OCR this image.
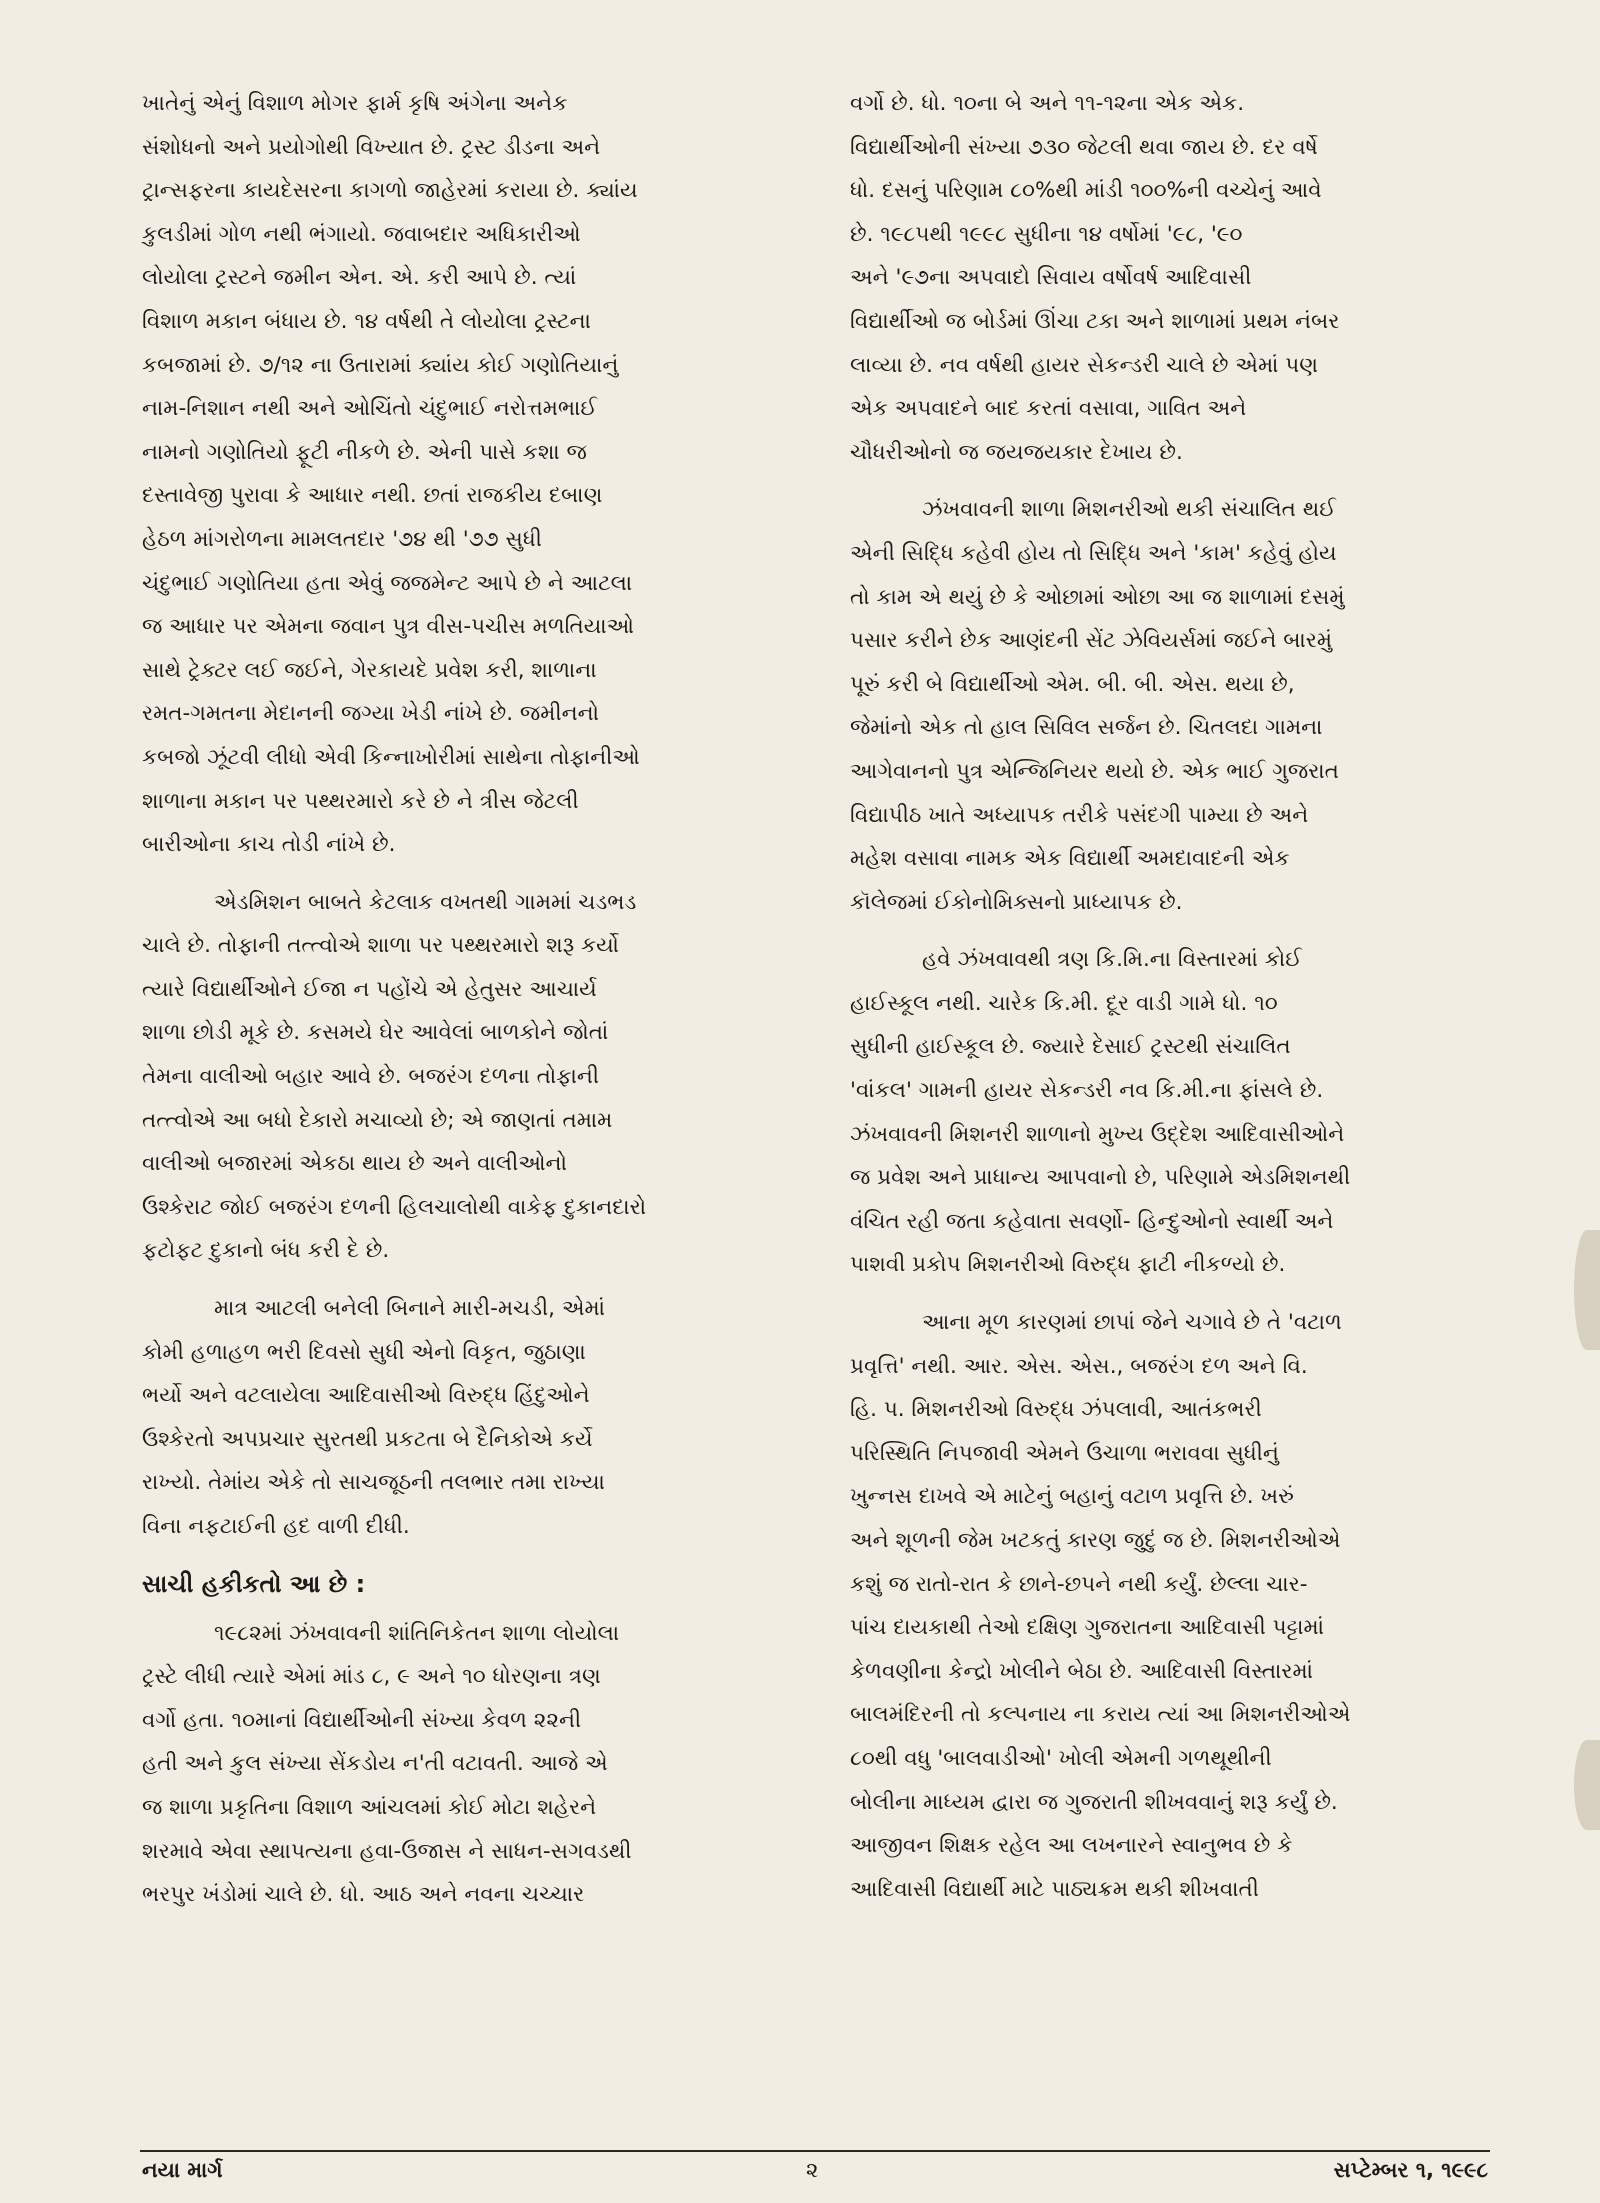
ખાતેનું એનું વિશાળ મોગર ફાર્મ કૃષિ અંગેના અનેક
સંશોધનો અને પ્રયોગોથી વિખ્યાત છે. ટ્રસ્ટ ડીડના અને
ટ્રાન્સફરના કાયદેસરના કાગળો જાહેરમાં કરાયા છે. ક્યાંય
કુલડીમાં ગોળ નથી ભંગાયો. જવાબદાર અધિકારીઓ
લોયોલા ટ્રસ્ટને જમીન એન. એ. કરી આપે છે. ત્યાં
વિશાળ મકાન બંધાય છે. ૧૪ વર્ષથી તે લોયોલા ટ્રસ્ટના
કબજામાં છે. ૭/૧૨ ના ઉતારામાં ક્યાંય કોઈ ગણોતિયાનું
નામ-નિશાન નથી અને ઓચિંતો ચંદુભાઈ નરોત્તમભાઈ
નામનો ગણોતિયો ફૂટી નીકળે છે. એની પાસે કશા જ
દસ્તાવેજી પુરાવા કે આધાર નથી. છતાં રાજકીય દબાણ
હેઠળ માંગરોળના મામલતદાર '૭૪ થી '૭૭ સુધી
ચંદુભાઈ ગણોતિયા હતા એવું જજમેન્ટ આપે છે ને આટલા
જ આધાર પર એમના જવાન પુત્ર વીસ-પચીસ મળતિયાઓ
સાથે ટ્રેક્ટર લઈ જઈને, ગેરકાયદે પ્રવેશ કરી, શાળાના
રમત-ગમતના મેદાનની જગ્યા ખેડી નાંખે છે. જમીનનો
કબજો ઝૂંટવી લીધો એવી કિન્નાખોરીમાં સાથેના તોફાનીઓ
શાળાના મકાન પર પથ્થરમારો કરે છે ને ત્રીસ જેટલી
બારીઓના કાચ તોડી નાંખે છે.

એડમિશન બાબતે કેટલાક વખતથી ગામમાં ચડભડ
ચાલે છે. તોફાની તત્ત્વોએ શાળા પર પથ્થરમારો શરૂ કર્યો
ત્યારે વિદ્યાર્થીઓને ઈજા ન પહોંચે એ હેતુસર આચાર્ય
શાળા છોડી મૂકે છે. કસમયે ઘેર આવેલાં બાળકોને જોતાં
તેમના વાલીઓ બહાર આવે છે. બજરંગ દળના તોફાની
તત્ત્વોએ આ બધો દેકારો મચાવ્યો છે; એ જાણતાં તમામ
વાલીઓ બજારમાં એકઠા થાય છે અને વાલીઓનો
ઉશ્કેરાટ જોઈ બજરંગ દળની હિલચાલોથી વાકેફ દુકાનદારો
ફટોફટ દુકાનો બંધ કરી દે છે.

માત્ર આટલી બનેલી બિનાને મારી-મચડી, એમાં
કોમી હળાહળ ભરી દિવસો સુધી એનો વિકૃત, જુઠાણા
ભર્યો અને વટલાયેલા આદિવાસીઓ વિરુદ્ધ હિંદુઓને
ઉશ્કેરતો અપપ્રચાર સુરતથી પ્રકટતા બે દૈનિકોએ કર્યે
રાખ્યો. તેમાંય એકે તો સાચજૂઠની તલભાર તમા રાખ્યા
વિના નફટાઈની હદ વાળી દીધી.

સાચી હકીકતો આ છે :

૧૯૮૨માં ઝંખવાવની શાંતિનિકેતન શાળા લોયોલા
ટ્રસ્ટે લીધી ત્યારે એમાં માંડ ૮, ૯ અને ૧૦ ધોરણના ત્રણ
વર્ગો હતા. ૧૦માનાં વિદ્યાર્થીઓની સંખ્યા કેવળ ૨૨ની
હતી અને કુલ સંખ્યા સેંકડોય ન'તી વટાવતી. આજે એ
જ શાળા પ્રકૃતિના વિશાળ આંચલમાં કોઈ મોટા શહેરને
શરમાવે એવા સ્થાપત્યના હવા-ઉજાસ ને સાધન-સગવડથી
ભરપુર ખંડોમાં ચાલે છે. ધો. આઠ અને નવના ચચ્ચાર

વર્ગો છે. ધો. ૧૦ના બે અને ૧૧-૧૨ના એક એક.
વિદ્યાર્થીઓની સંખ્યા ૭૩૦ જેટલી થવા જાય છે. દર વર્ષે
ધો. દસનું પરિણામ ૮૦%થી માંડી ૧૦૦%ની વચ્ચેનું આવે
છે. ૧૯૮૫થી ૧૯૯૮ સુધીના ૧૪ વર્ષોમાં '૯૮, '૯૦
અને '૯૭ના અપવાદો સિવાય વર્ષોવર્ષ આદિવાસી
વિદ્યાર્થીઓ જ બોર્ડમાં ઊંચા ટકા અને શાળામાં પ્રથમ નંબર
લાવ્યા છે. નવ વર્ષથી હાયર સેકન્ડરી ચાલે છે એમાં પણ
એક અપવાદને બાદ કરતાં વસાવા, ગાવિત અને
ચૌધરીઓનો જ જયજયકાર દેખાય છે.

ઝંખવાવની શાળા મિશનરીઓ થકી સંચાલિત થઈ
એની સિદ્ધિ કહેવી હોય તો સિદ્ધિ અને 'કામ' કહેવું હોય
તો કામ એ થયું છે કે ઓછામાં ઓછા આ જ શાળામાં દસમું
પસાર કરીને છેક આણંદની સેંટ ઝેવિયર્સમાં જઈને બારમું
પૂરું કરી બે વિદ્યાર્થીઓ એમ. બી. બી. એસ. થયા છે,
જેમાંનો એક તો હાલ સિવિલ સર્જન છે. ચિતલદા ગામના
આગેવાનનો પુત્ર એન્જિનિયર થયો છે. એક ભાઈ ગુજરાત
વિદ્યાપીઠ ખાતે અધ્યાપક તરીકે પસંદગી પામ્યા છે અને
મહેશ વસાવા નામક એક વિદ્યાર્થી અમદાવાદની એક
કૉલેજમાં ઈકોનોમિક્સનો પ્રાધ્યાપક છે.

હવે ઝંખવાવથી ત્રણ કિ.મિ.ના વિસ્તારમાં કોઈ
હાઈસ્કૂલ નથી. ચારેક કિ.મી. દૂર વાડી ગામે ધો. ૧૦
સુધીની હાઈસ્કૂલ છે. જ્યારે દેસાઈ ટ્રસ્ટથી સંચાલિત
'વાંકલ' ગામની હાયર સેકન્ડરી નવ કિ.મી.ના ફાંસલે છે.
ઝંખવાવની મિશનરી શાળાનો મુખ્ય ઉદ્દેશ આદિવાસીઓને
જ પ્રવેશ અને પ્રાધાન્ય આપવાનો છે, પરિણામે એડમિશનથી
વંચિત રહી જતા કહેવાતા સવર્ણો- હિન્દુઓનો સ્વાર્થી અને
પાશવી પ્રકોપ મિશનરીઓ વિરુદ્ધ ફાટી નીકળ્યો છે.

આના મૂળ કારણમાં છાપાં જેને ચગાવે છે તે 'વટાળ
પ્રવૃત્તિ' નથી. આર. એસ. એસ., બજરંગ દળ અને વિ.
હિ. પ. મિશનરીઓ વિરુદ્ધ ઝંપલાવી, આતંકભરી
પરિસ્થિતિ નિપજાવી એમને ઉચાળા ભરાવવા સુધીનું
ખુન્નસ દાખવે એ માટેનું બહાનું વટાળ પ્રવૃત્તિ છે. ખરું
અને શૂળની જેમ ખટકતું કારણ જુદું જ છે. મિશનરીઓએ
કશું જ રાતો-રાત કે છાને-છપને નથી કર્યું. છેલ્લા ચાર-
પાંચ દાયકાથી તેઓ દક્ષિણ ગુજરાતના આદિવાસી પટ્ટામાં
કેળવણીના કેન્દ્રો ખોલીને બેઠા છે. આદિવાસી વિસ્તારમાં
બાલમંદિરની તો કલ્પનાય ના કરાય ત્યાં આ મિશનરીઓએ
૮૦થી વધુ 'બાલવાડીઓ' ખોલી એમની ગળથૂથીની
બોલીના માધ્યમ દ્વારા જ ગુજરાતી શીખવવાનું શરૂ કર્યું છે.
આજીવન શિક્ષક રહેલ આ લખનારને સ્વાનુભવ છે કે
આદિવાસી વિદ્યાર્થી માટે પાઠ્યક્રમ થકી શીખવાતી

નયા માર્ગ	૨	સપ્ટેમ્બર ૧, ૧૯૯૮
